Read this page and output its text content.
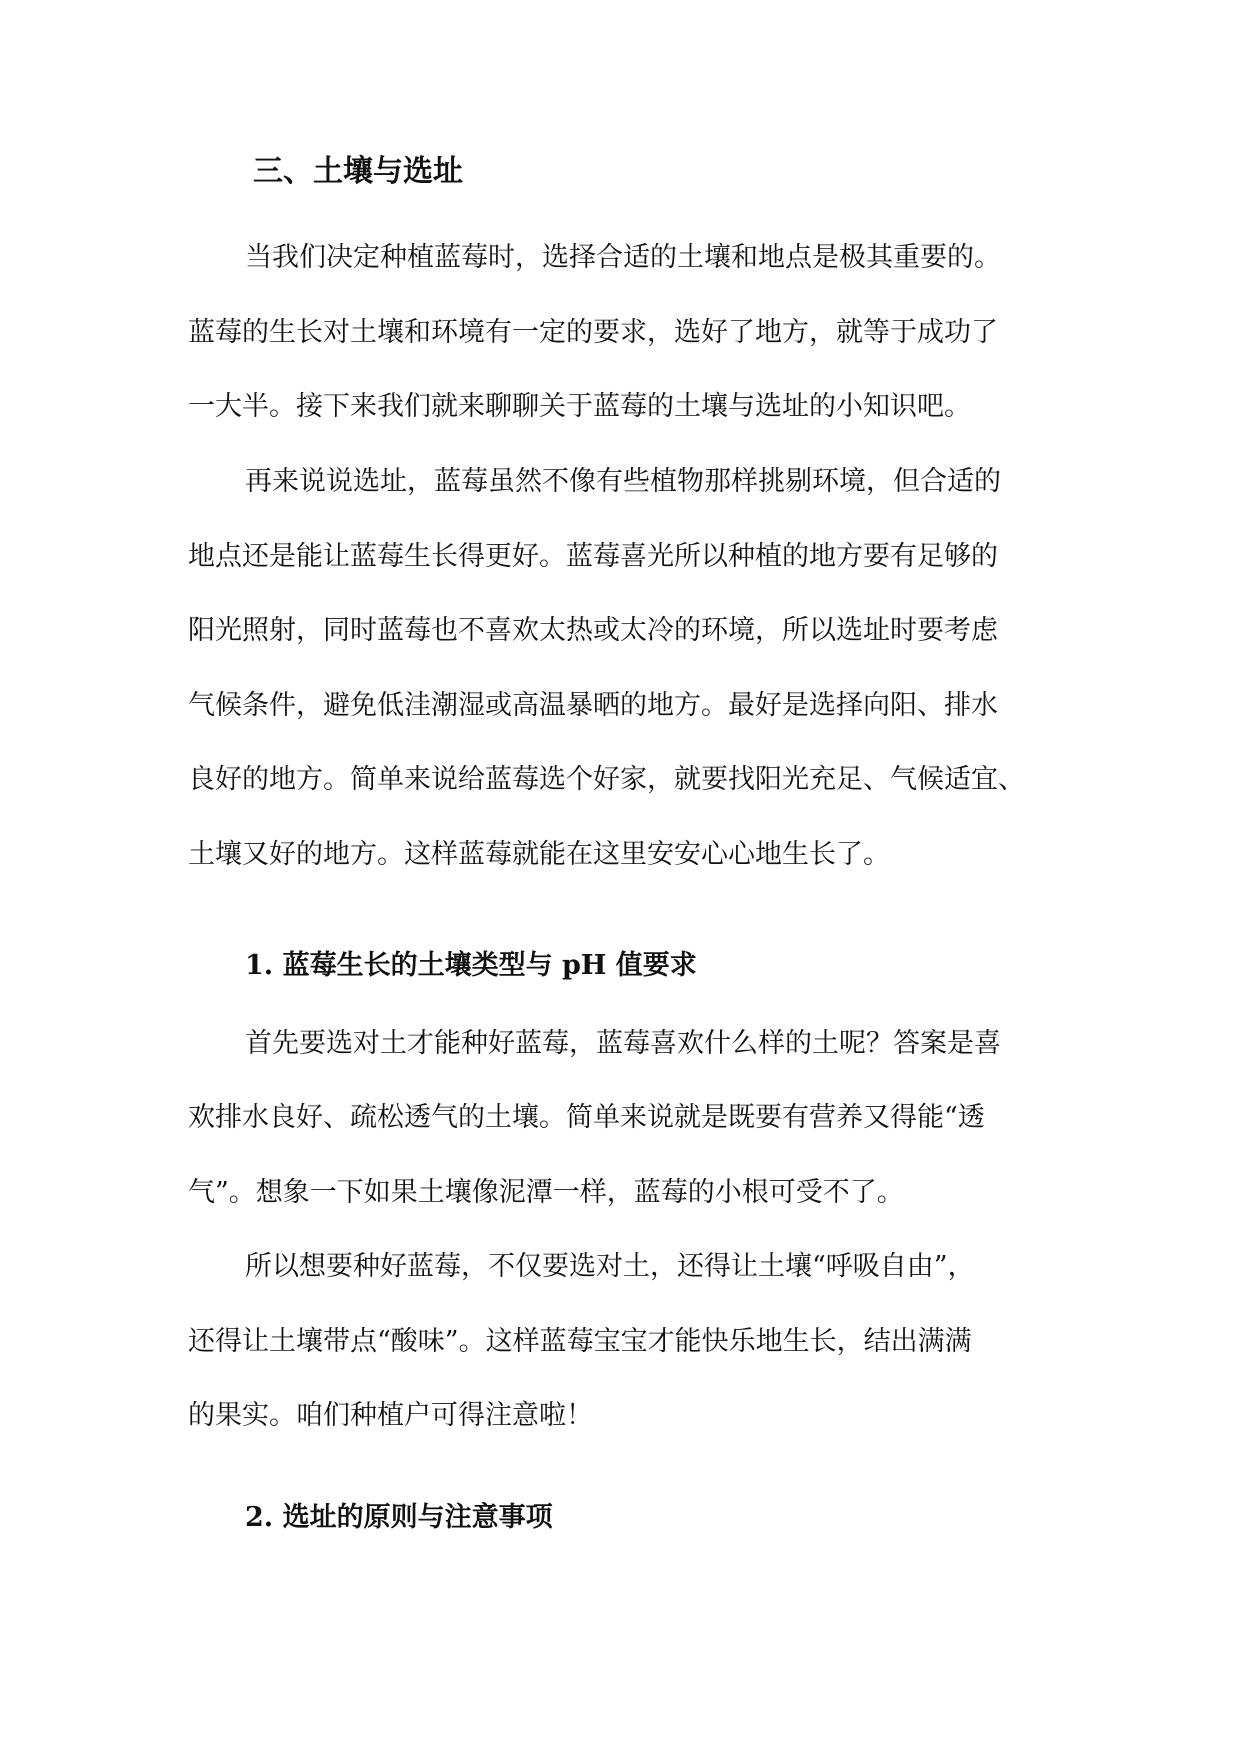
三、土壤与选址

当我们决定种植蓝莓时，选择合适的土壤和地点是极其重要的。

蓝莓的生长对土壤和环境有一定的要求，选好了地方，就等于成功了

一大半。接下来我们就来聊聊关于蓝莓的土壤与选址的小知识吧。

再来说说选址，蓝莓虽然不像有些植物那样挑剔环境，但合适的

地点还是能让蓝莓生长得更好。蓝莓喜光所以种植的地方要有足够的

阳光照射，同时蓝莓也不喜欢太热或太冷的环境，所以选址时要考虑

气候条件，避免低洼潮湿或高温暴晒的地方。最好是选择向阳、排水

良好的地方。简单来说给蓝莓选个好家，就要找阳光充足、气候适宜、

土壤又好的地方。这样蓝莓就能在这里安安心心地生长了。

1. 蓝莓生长的土壤类型与 pH 值要求

首先要选对土才能种好蓝莓，蓝莓喜欢什么样的土呢？答案是喜

欢排水良好、疏松透气的土壤。简单来说就是既要有营养又得能“透

气”。想象一下如果土壤像泥潭一样，蓝莓的小根可受不了。

所以想要种好蓝莓，不仅要选对土，还得让土壤“呼吸自由”，

还得让土壤带点“酸味”。这样蓝莓宝宝才能快乐地生长，结出满满

的果实。咱们种植户可得注意啦！

2. 选址的原则与注意事项
